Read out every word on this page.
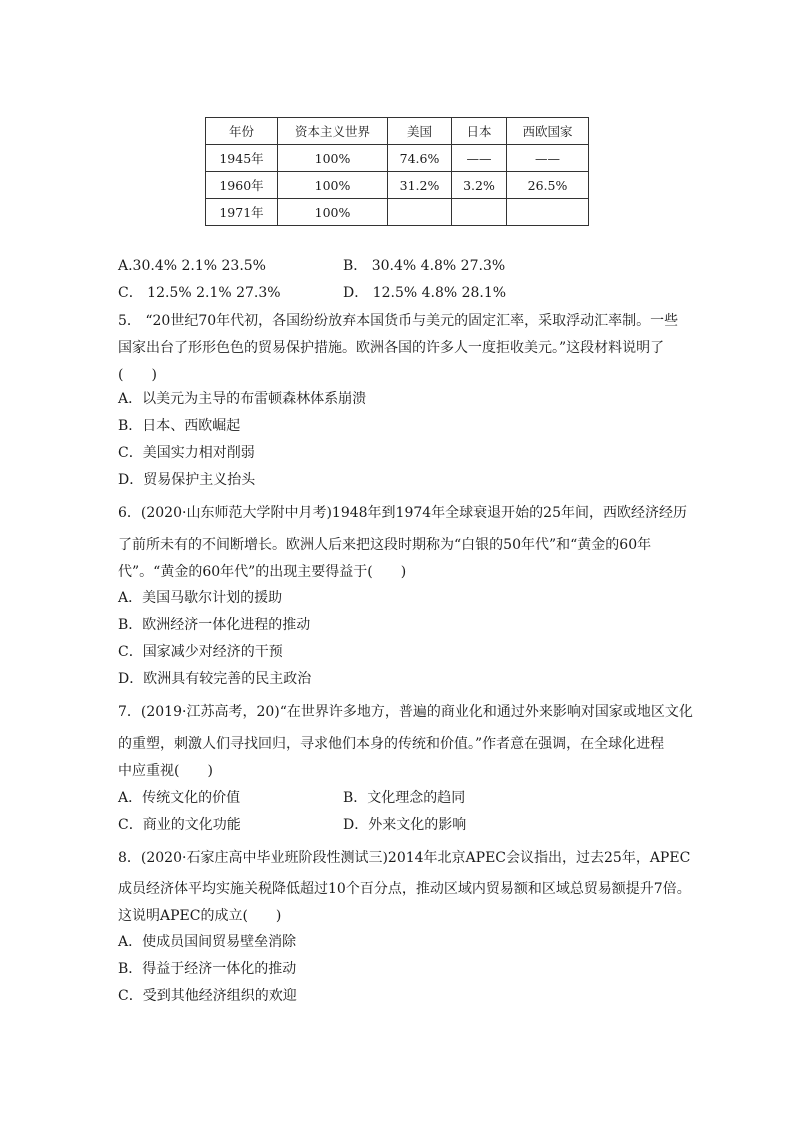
年份	资本主义世界	美国	日本	西欧国家
1945年	100%	74.6%	——	——
1960年	100%	31.2%	3.2%	26.5%
1971年	100%			
A.30.4% 2.1% 23.5%	B． 30.4% 4.8% 27.3%
C． 12.5% 2.1% 27.3%	D． 12.5% 4.8% 28.1%
5． “20世纪70年代初，各国纷纷放弃本国货币与美元的固定汇率，采取浮动汇率制。一些
国家出台了形形色色的贸易保护措施。欧洲各国的许多人一度拒收美元。”这段材料说明了
(　　)
A．以美元为主导的布雷顿森林体系崩溃
B．日本、西欧崛起
C．美国实力相对削弱
D．贸易保护主义抬头
6．(2020·山东师范大学附中月考)1948年到1974年全球衰退开始的25年间，西欧经济经历
了前所未有的不间断增长。欧洲人后来把这段时期称为“白银的50年代”和“黄金的60年
代”。“黄金的60年代”的出现主要得益于(　　)
A．美国马歇尔计划的援助
B．欧洲经济一体化进程的推动
C．国家减少对经济的干预
D．欧洲具有较完善的民主政治
7．(2019·江苏高考，20)“在世界许多地方，普遍的商业化和通过外来影响对国家或地区文化
的重塑，刺激人们寻找回归，寻求他们本身的传统和价值。”作者意在强调，在全球化进程
中应重视(　　)
A．传统文化的价值	B．文化理念的趋同
C．商业的文化功能	D．外来文化的影响
8．(2020·石家庄高中毕业班阶段性测试三)2014年北京APEC会议指出，过去25年，APEC
成员经济体平均实施关税降低超过10个百分点，推动区域内贸易额和区域总贸易额提升7倍。
这说明APEC的成立(　　)
A．使成员国间贸易壁垒消除
B．得益于经济一体化的推动
C．受到其他经济组织的欢迎
